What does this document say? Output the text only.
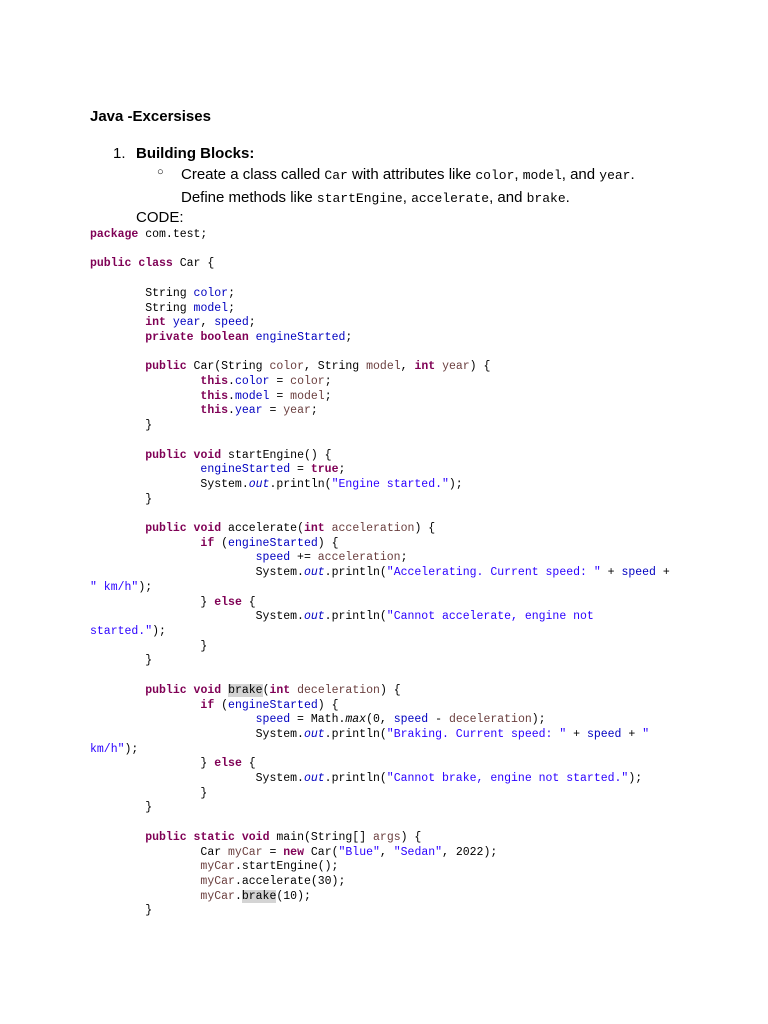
Java -Excersises
1. Building Blocks:
○ Create a class called Car with attributes like color, model, and year.
Define methods like startEngine, accelerate, and brake.
CODE:
package com.test;

public class Car {

String color;
String model;
int year, speed;
private boolean engineStarted;

public Car(String color, String model, int year) {
this.color = color;
this.model = model;
this.year = year;
}

public void startEngine() {
engineStarted = true;
System.out.println("Engine started.");
}

public void accelerate(int acceleration) {
if (engineStarted) {
speed += acceleration;
System.out.println("Accelerating. Current speed: " + speed +
" km/h");
} else {
System.out.println("Cannot accelerate, engine not
started.");
}
}

public void brake(int deceleration) {
if (engineStarted) {
speed = Math.max(0, speed - deceleration);
System.out.println("Braking. Current speed: " + speed + "
km/h");
} else {
System.out.println("Cannot brake, engine not started.");
}
}

public static void main(String[] args) {
Car myCar = new Car("Blue", "Sedan", 2022);
myCar.startEngine();
myCar.accelerate(30);
myCar.brake(10);
}
